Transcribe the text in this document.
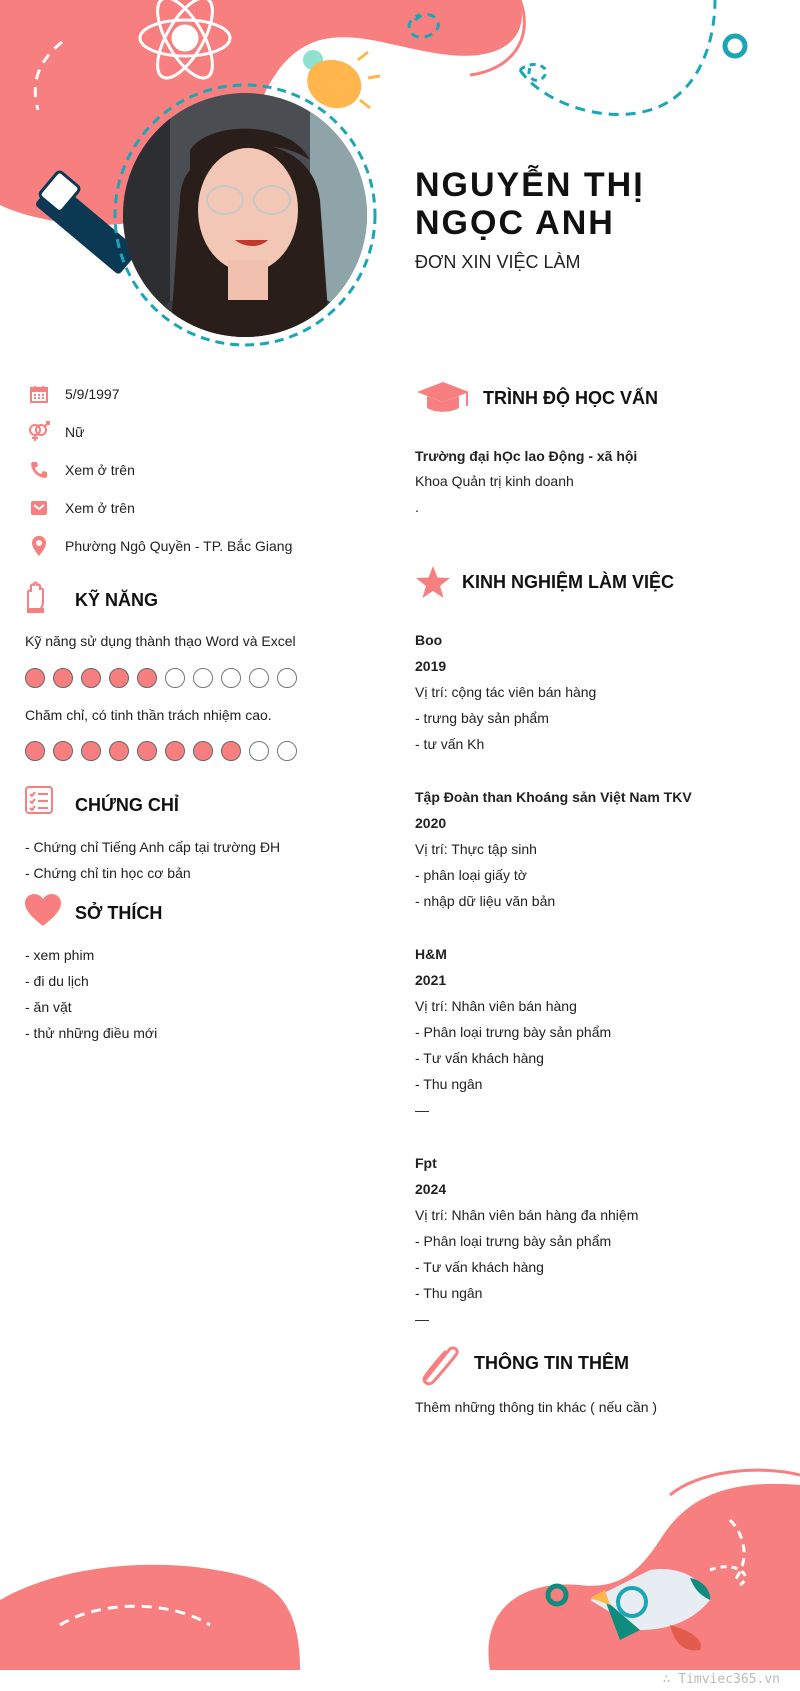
NGUYỄN THỊ NGỌC ANH
ĐƠN XIN VIỆC LÀM
5/9/1997
Nữ
Xem ở trên
Xem ở trên
Phường Ngô Quyền - TP. Bắc Giang
KỸ NĂNG
Kỹ năng sử dụng thành thạo Word và Excel
Chăm chỉ, có tinh thần trách nhiệm cao.
CHỨNG CHỈ
- Chứng chỉ Tiếng Anh cấp tại trường ĐH
- Chứng chỉ tin học cơ bản
SỞ THÍCH
- xem phim
- đi du lịch
- ăn vặt
- thử những điều mới
TRÌNH ĐỘ HỌC VẤN
Trường đại hỌc lao Động - xã hội
Khoa Quản trị kinh doanh
.
KINH NGHIỆM LÀM VIỆC
Boo
2019
Vị trí: cộng tác viên bán hàng
- trưng bày sản phẩm
- tư vấn Kh
Tập Đoàn than Khoáng sản Việt Nam TKV
2020
Vị trí: Thực tập sinh
- phân loại giấy tờ
- nhập dữ liệu văn bản
H&M
2021
Vị trí: Nhân viên bán hàng
- Phân loại trưng bày sản phẩm
- Tư vấn khách hàng
- Thu ngân
—
Fpt
2024
Vị trí: Nhân viên bán hàng đa nhiệm
- Phân loại trưng bày sản phẩm
- Tư vấn khách hàng
- Thu ngân
—
THÔNG TIN THÊM
Thêm những thông tin khác ( nếu cần )
∴ Timviec365.vn
